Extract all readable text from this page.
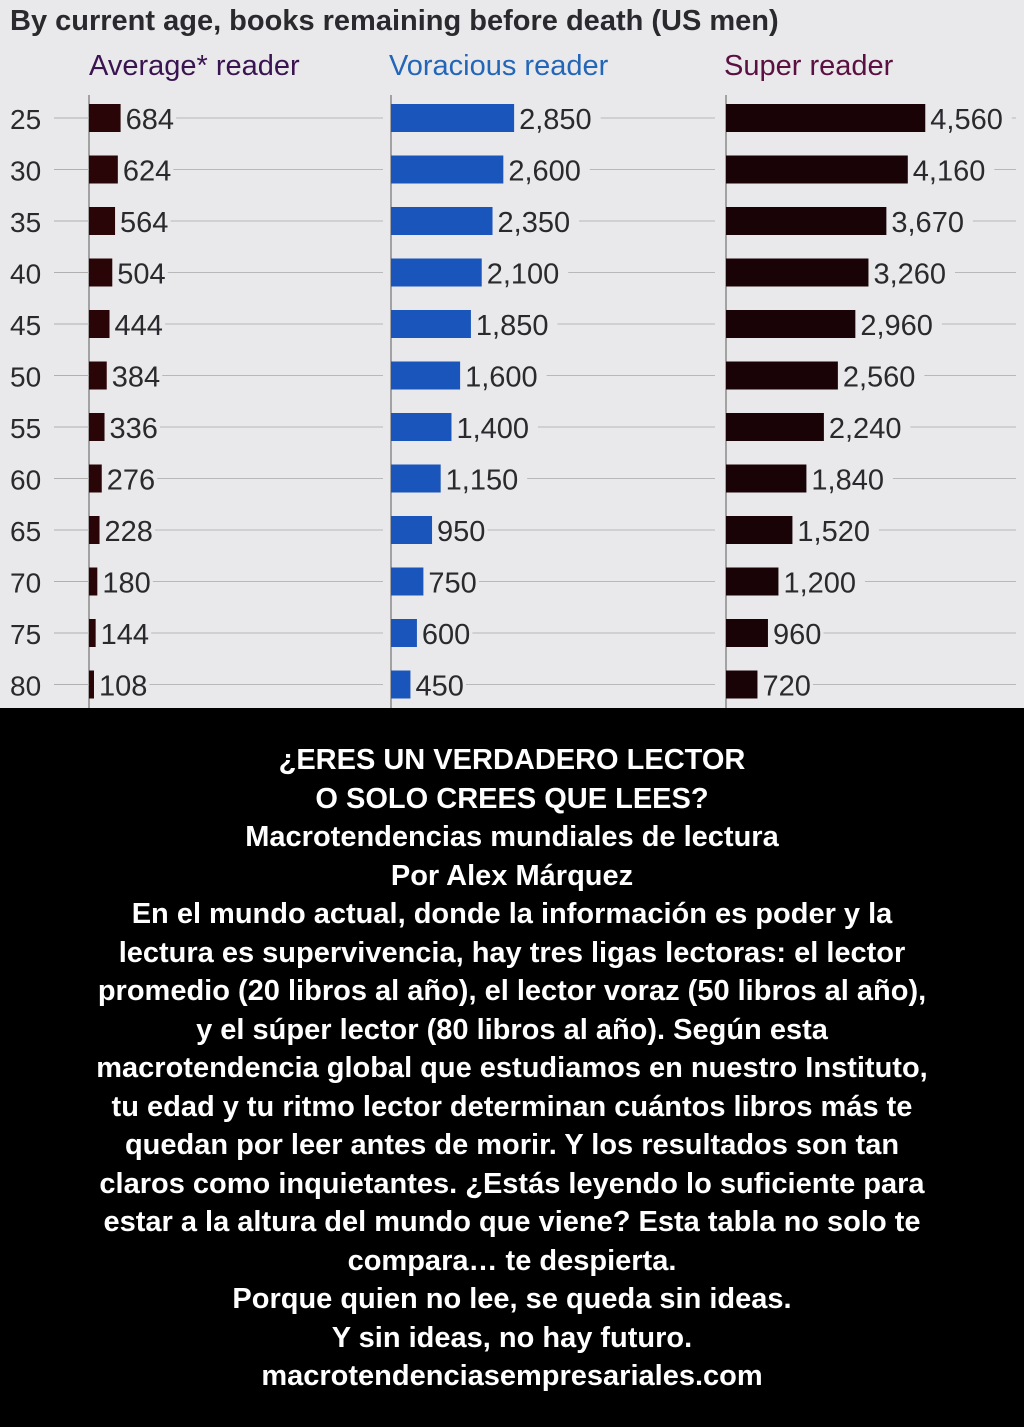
By current age, books remaining before death (US men)
Average* reader	Voracious reader	Super reader
25	684	2,850	4,560
30	624	2,600	4,160
35	564	2,350	3,670
40	504	2,100	3,260
45	444	1,850	2,960
50 384	1,600	2,560
55 336	1,400	2,240
60 276	1,150	1,840
65 228	950	1,520
70 180	750	1,200
75 144	600	960
80 108	450	720
¿ERES UN VERDADERO LECTOR
O SOLO CREES QUE LEES?
Macrotendencias mundiales de lectura
Por Alex Márquez
En el mundo actual, donde la información es poder y la
lectura es supervivencia, hay tres ligas lectoras: el lector
promedio (20 libros al año), el lector voraz (50 libros al año),
y el súper lector (80 libros al año). Según esta
macrotendencia global que estudiamos en nuestro Instituto,
tu edad y tu ritmo lector determinan cuántos libros más te
quedan por leer antes de morir. Y los resultados son tan
claros como inquietantes. ¿Estás leyendo lo suficiente para
estar a la altura del mundo que viene? Esta tabla no solo te
compara… te despierta.
Porque quien no lee, se queda sin ideas.
Y sin ideas, no hay futuro.
macrotendenciasempresariales.com
